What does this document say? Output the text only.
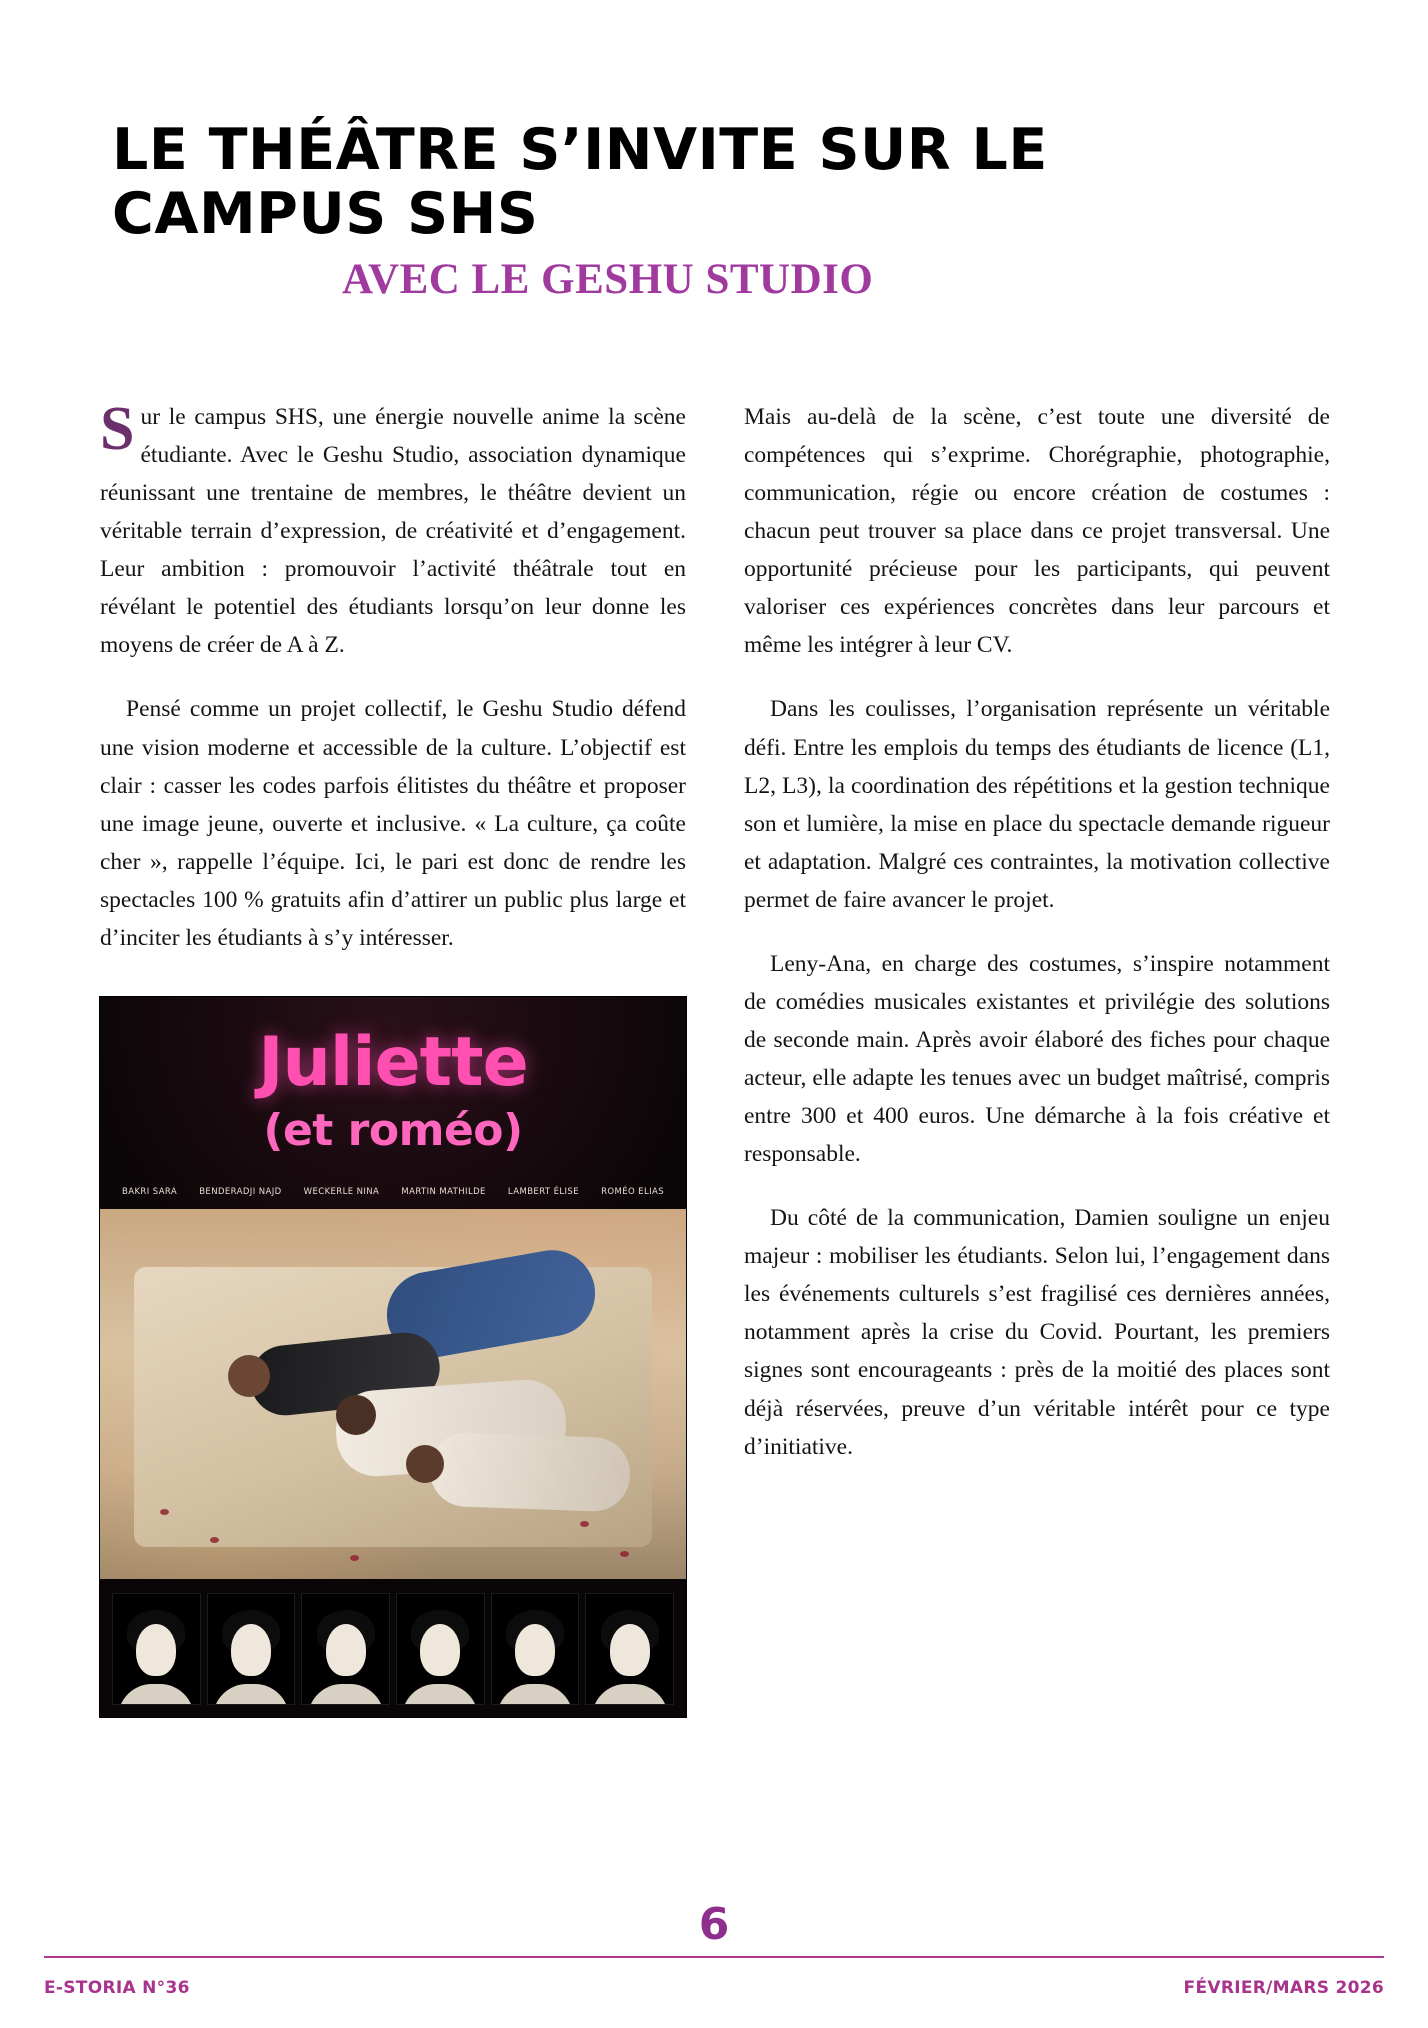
LE THÉÂTRE S’INVITE SUR LE CAMPUS SHS
AVEC LE GESHU STUDIO

Sur le campus SHS, une énergie nouvelle anime la scène étudiante. Avec le Geshu Studio, association dynamique réunissant une trentaine de membres, le théâtre devient un véritable terrain d’expression, de créativité et d’engagement. Leur ambition : promouvoir l’activité théâtrale tout en révélant le potentiel des étudiants lorsqu’on leur donne les moyens de créer de A à Z.

Pensé comme un projet collectif, le Geshu Studio défend une vision moderne et accessible de la culture. L’objectif est clair : casser les codes parfois élitistes du théâtre et proposer une image jeune, ouverte et inclusive. « La culture, ça coûte cher », rappelle l’équipe. Ici, le pari est donc de rendre les spectacles 100 % gratuits afin d’attirer un public plus large et d’inciter les étudiants à s’y intéresser.

Juliette
(et roméo)
BAKRI SARA	BENDERADJI NAJD	WECKERLE NINA	MARTIN MATHILDE	LAMBERT ÉLISE	ROMÉO ELIAS

Mais au-delà de la scène, c’est toute une diversité de compétences qui s’exprime. Chorégraphie, photographie, communication, régie ou encore création de costumes : chacun peut trouver sa place dans ce projet transversal. Une opportunité précieuse pour les participants, qui peuvent valoriser ces expériences concrètes dans leur parcours et même les intégrer à leur CV.

Dans les coulisses, l’organisation représente un véritable défi. Entre les emplois du temps des étudiants de licence (L1, L2, L3), la coordination des répétitions et la gestion technique son et lumière, la mise en place du spectacle demande rigueur et adaptation. Malgré ces contraintes, la motivation collective permet de faire avancer le projet.

Leny-Ana, en charge des costumes, s’inspire notamment de comédies musicales existantes et privilégie des solutions de seconde main. Après avoir élaboré des fiches pour chaque acteur, elle adapte les tenues avec un budget maîtrisé, compris entre 300 et 400 euros. Une démarche à la fois créative et responsable.

Du côté de la communication, Damien souligne un enjeu majeur : mobiliser les étudiants. Selon lui, l’engagement dans les événements culturels s’est fragilisé ces dernières années, notamment après la crise du Covid. Pourtant, les premiers signes sont encourageants : près de la moitié des places sont déjà réservées, preuve d’un véritable intérêt pour ce type d’initiative.

6
E-STORIA N°36	FÉVRIER/MARS 2026
